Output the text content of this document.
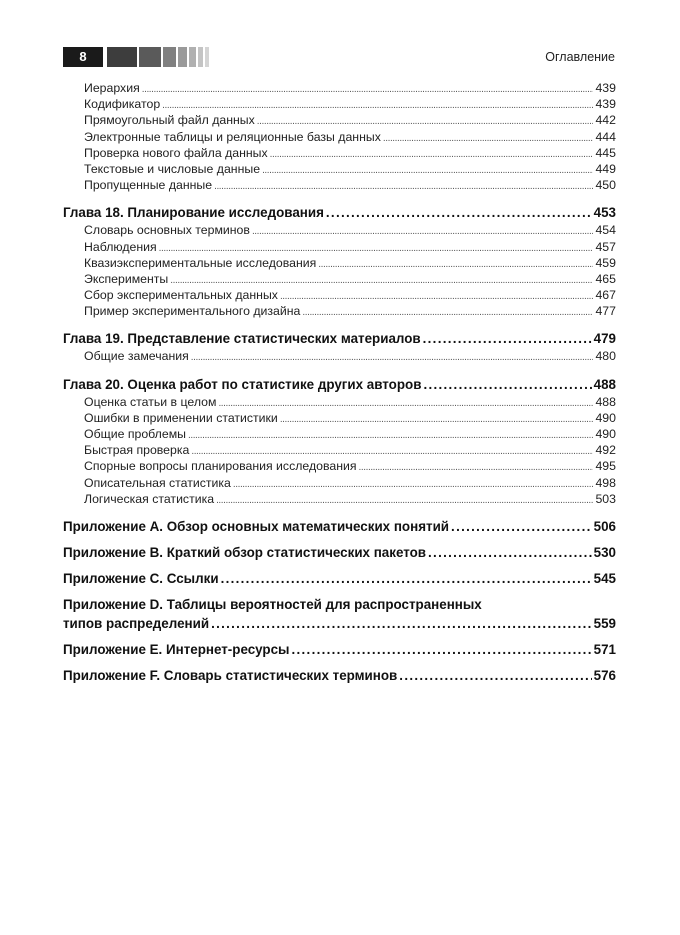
8	Оглавление
Иерархия . . .	439
Кодификатор . . .	439
Прямоугольный файл данных . . .	442
Электронные таблицы и реляционные базы данных . . .	444
Проверка нового файла данных . . .	445
Текстовые и числовые данные . . .	449
Пропущенные данные . . .	450
Глава 18. Планирование исследования .....	453
Словарь основных терминов . . .	454
Наблюдения . . .	457
Квазиэкспериментальные исследования . . .	459
Эксперименты . . .	465
Сбор экспериментальных данных . . .	467
Пример экспериментального дизайна . . .	477
Глава 19. Представление статистических материалов .....	479
Общие замечания . . .	480
Глава 20. Оценка работ по статистике других авторов .....	488
Оценка статьи в целом . . .	488
Ошибки в применении статистики . . .	490
Общие проблемы . . .	490
Быстрая проверка . . .	492
Спорные вопросы планирования исследования . . .	495
Описательная статистика . . .	498
Логическая статистика . . .	503
Приложение А. Обзор основных математических понятий .....	506
Приложение В. Краткий обзор статистических пакетов .....	530
Приложение С. Ссылки .....	545
Приложение D. Таблицы вероятностей для распространенных
типов распределений .....	559
Приложение Е. Интернет-ресурсы .....	571
Приложение F. Словарь статистических терминов .....	576
